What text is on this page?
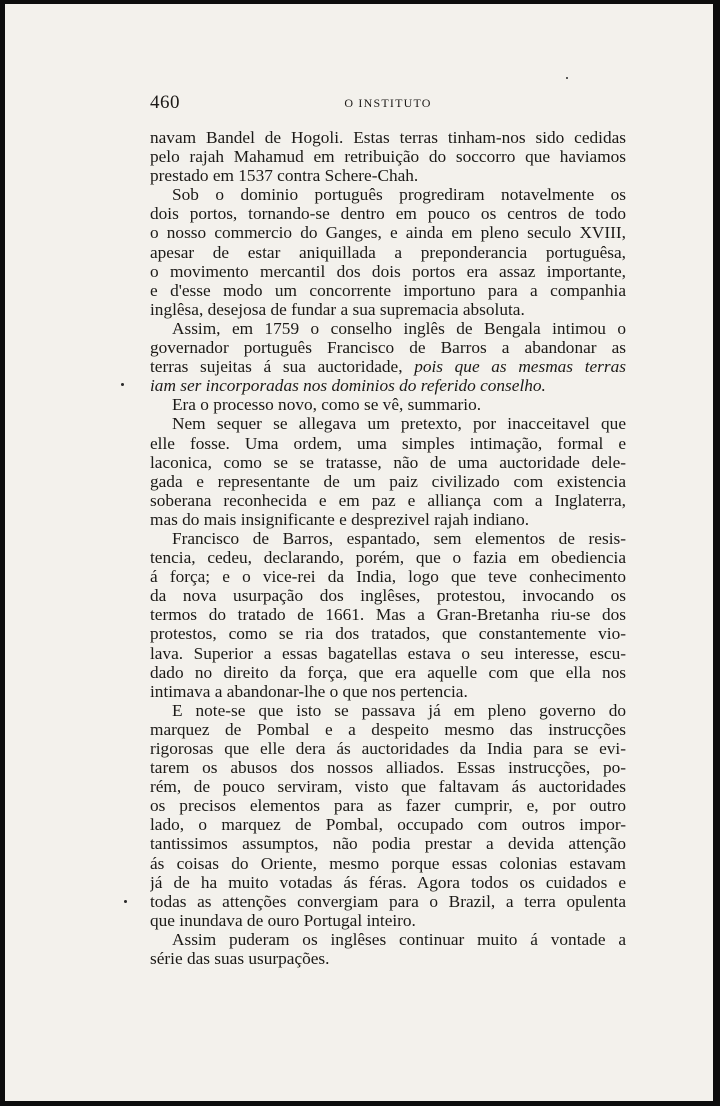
460	O INSTITUTO
navam Bandel de Hogoli. Estas terras tinham-nos sido cedidas
pelo rajah Mahamud em retribuição do soccorro que haviamos
prestado em 1537 contra Schere-Chah.
Sob o dominio português progrediram notavelmente os
dois portos, tornando-se dentro em pouco os centros de todo
o nosso commercio do Ganges, e ainda em pleno seculo XVIII,
apesar de estar aniquillada a preponderancia portuguêsa,
o movimento mercantil dos dois portos era assaz importante,
e d'esse modo um concorrente importuno para a companhia
inglêsa, desejosa de fundar a sua supremacia absoluta.
Assim, em 1759 o conselho inglês de Bengala intimou o
governador português Francisco de Barros a abandonar as
terras sujeitas á sua auctoridade, pois que as mesmas terras
iam ser incorporadas nos dominios do referido conselho.
Era o processo novo, como se vê, summario.
Nem sequer se allegava um pretexto, por inacceitavel que
elle fosse. Uma ordem, uma simples intimação, formal e
laconica, como se se tratasse, não de uma auctoridade dele-
gada e representante de um paiz civilizado com existencia
soberana reconhecida e em paz e alliança com a Inglaterra,
mas do mais insignificante e desprezivel rajah indiano.
Francisco de Barros, espantado, sem elementos de resis-
tencia, cedeu, declarando, porém, que o fazia em obediencia
á força; e o vice-rei da India, logo que teve conhecimento
da nova usurpação dos inglêses, protestou, invocando os
termos do tratado de 1661. Mas a Gran-Bretanha riu-se dos
protestos, como se ria dos tratados, que constantemente vio-
lava. Superior a essas bagatellas estava o seu interesse, escu-
dado no direito da força, que era aquelle com que ella nos
intimava a abandonar-lhe o que nos pertencia.
E note-se que isto se passava já em pleno governo do
marquez de Pombal e a despeito mesmo das instrucções
rigorosas que elle dera ás auctoridades da India para se evi-
tarem os abusos dos nossos alliados. Essas instrucções, po-
rém, de pouco serviram, visto que faltavam ás auctoridades
os precisos elementos para as fazer cumprir, e, por outro
lado, o marquez de Pombal, occupado com outros impor-
tantissimos assumptos, não podia prestar a devida attenção
ás coisas do Oriente, mesmo porque essas colonias estavam
já de ha muito votadas ás féras. Agora todos os cuidados e
todas as attenções convergiam para o Brazil, a terra opulenta
que inundava de ouro Portugal inteiro.
Assim puderam os inglêses continuar muito á vontade a
série das suas usurpações.
